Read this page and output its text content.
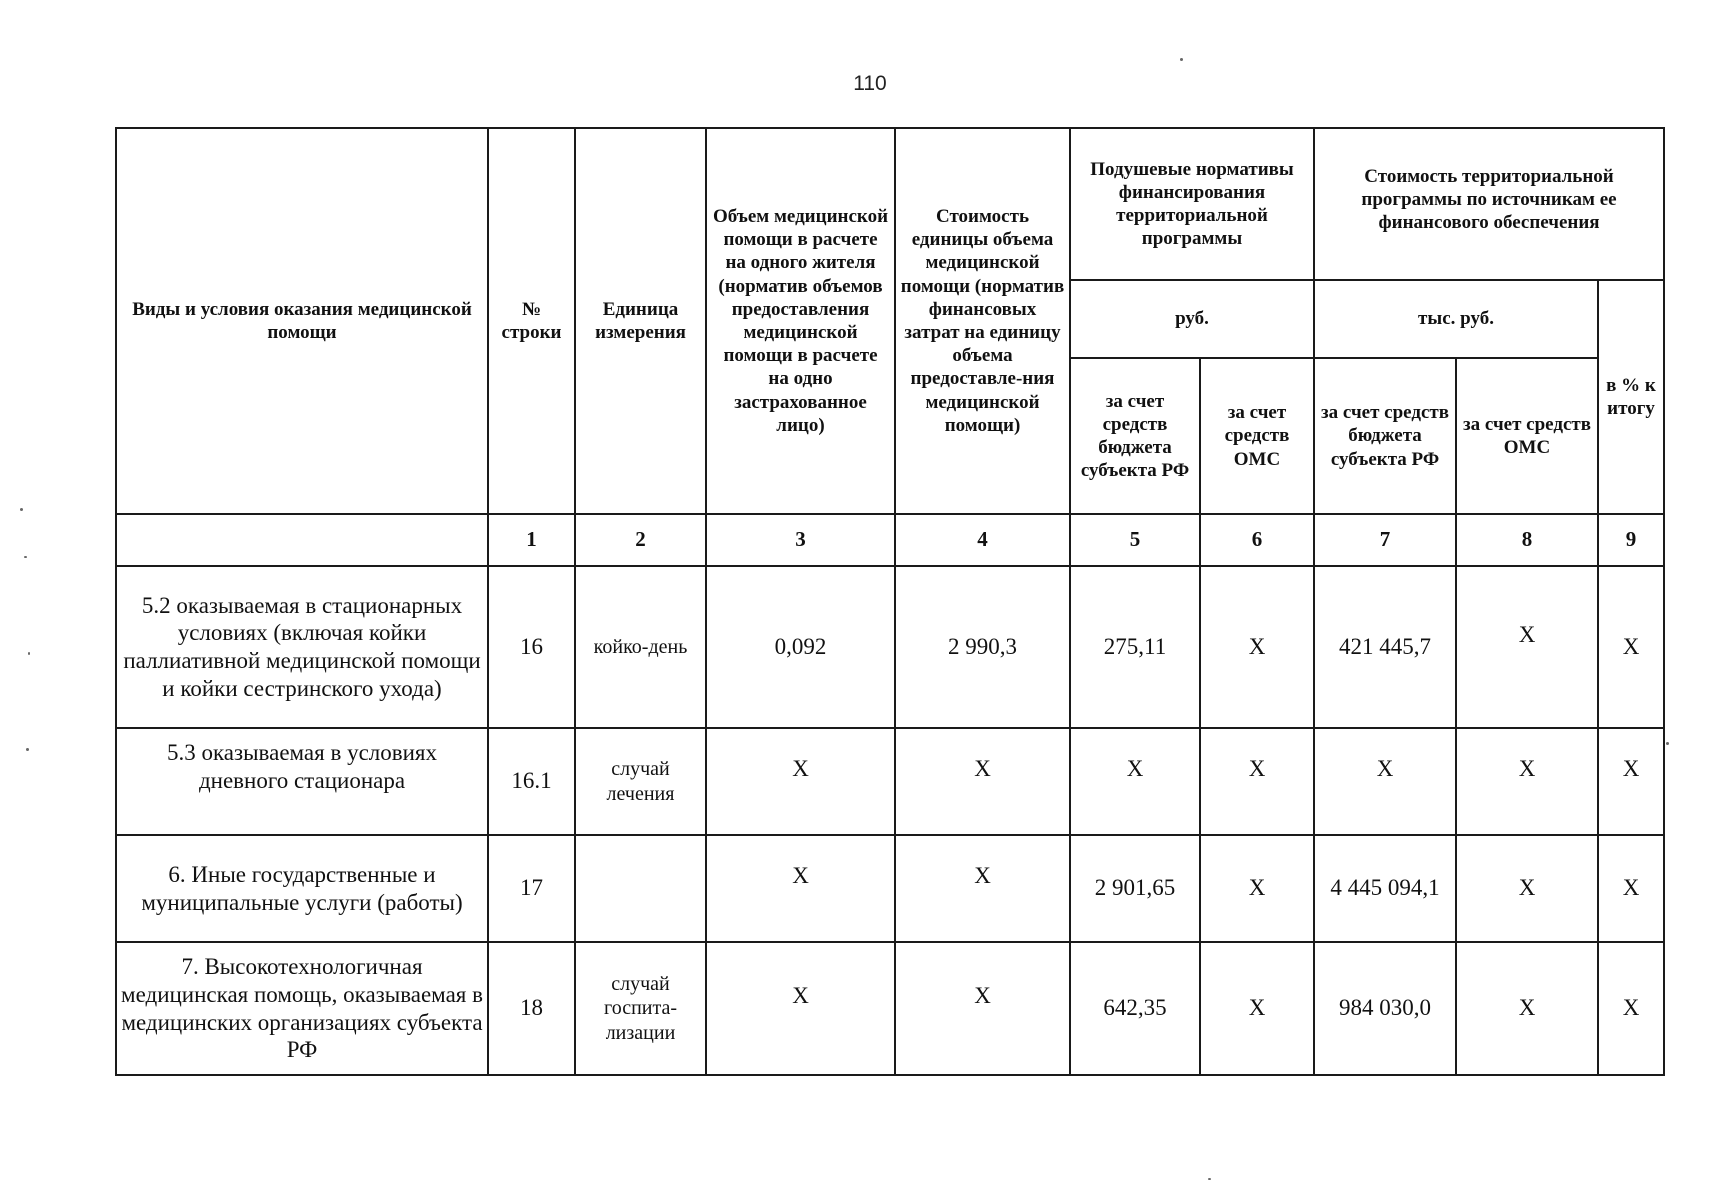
110
Виды и условия оказания медицинской помощи	№ строки	Единица измерения	Объем медицинской помощи в расчете на одного жителя (норматив объемов предоставления медицинской помощи в расчете на одно застрахованное лицо)	Стоимость единицы объема медицинской помощи (норматив финансовых затрат на единицу объема предоставле-ния медицинской помощи)	Подушевые нормативы финансирования территориальной программы		Стоимость территориальной программы по источникам ее финансового обеспечения		
					руб.		тыс. руб.		в % к итогу
					за счет средств бюджета субъекта РФ	за счет средств ОМС	за счет средств бюджета субъекта РФ	за счет средств ОМС	
	1	2	3	4	5	6	7	8	9
5.2 оказываемая в стационарных условиях (включая койки паллиативной медицинской помощи и койки сестринского ухода)	16	койко-день	0,092	2 990,3	275,11	X	421 445,7	X	X
5.3 оказываемая в условиях дневного стационара	16.1	случай лечения	X	X	X	X	X	X	X

6. Иные государственные и муниципальные услуги (работы)	17		X	X	2 901,65	X	4 445 094,1	X	X
7. Высокотехнологичная медицинская помощь, оказываемая в медицинских организациях субъекта РФ	18	случай госпита-лизации	X	X	642,35	X	984 030,0	X	X
